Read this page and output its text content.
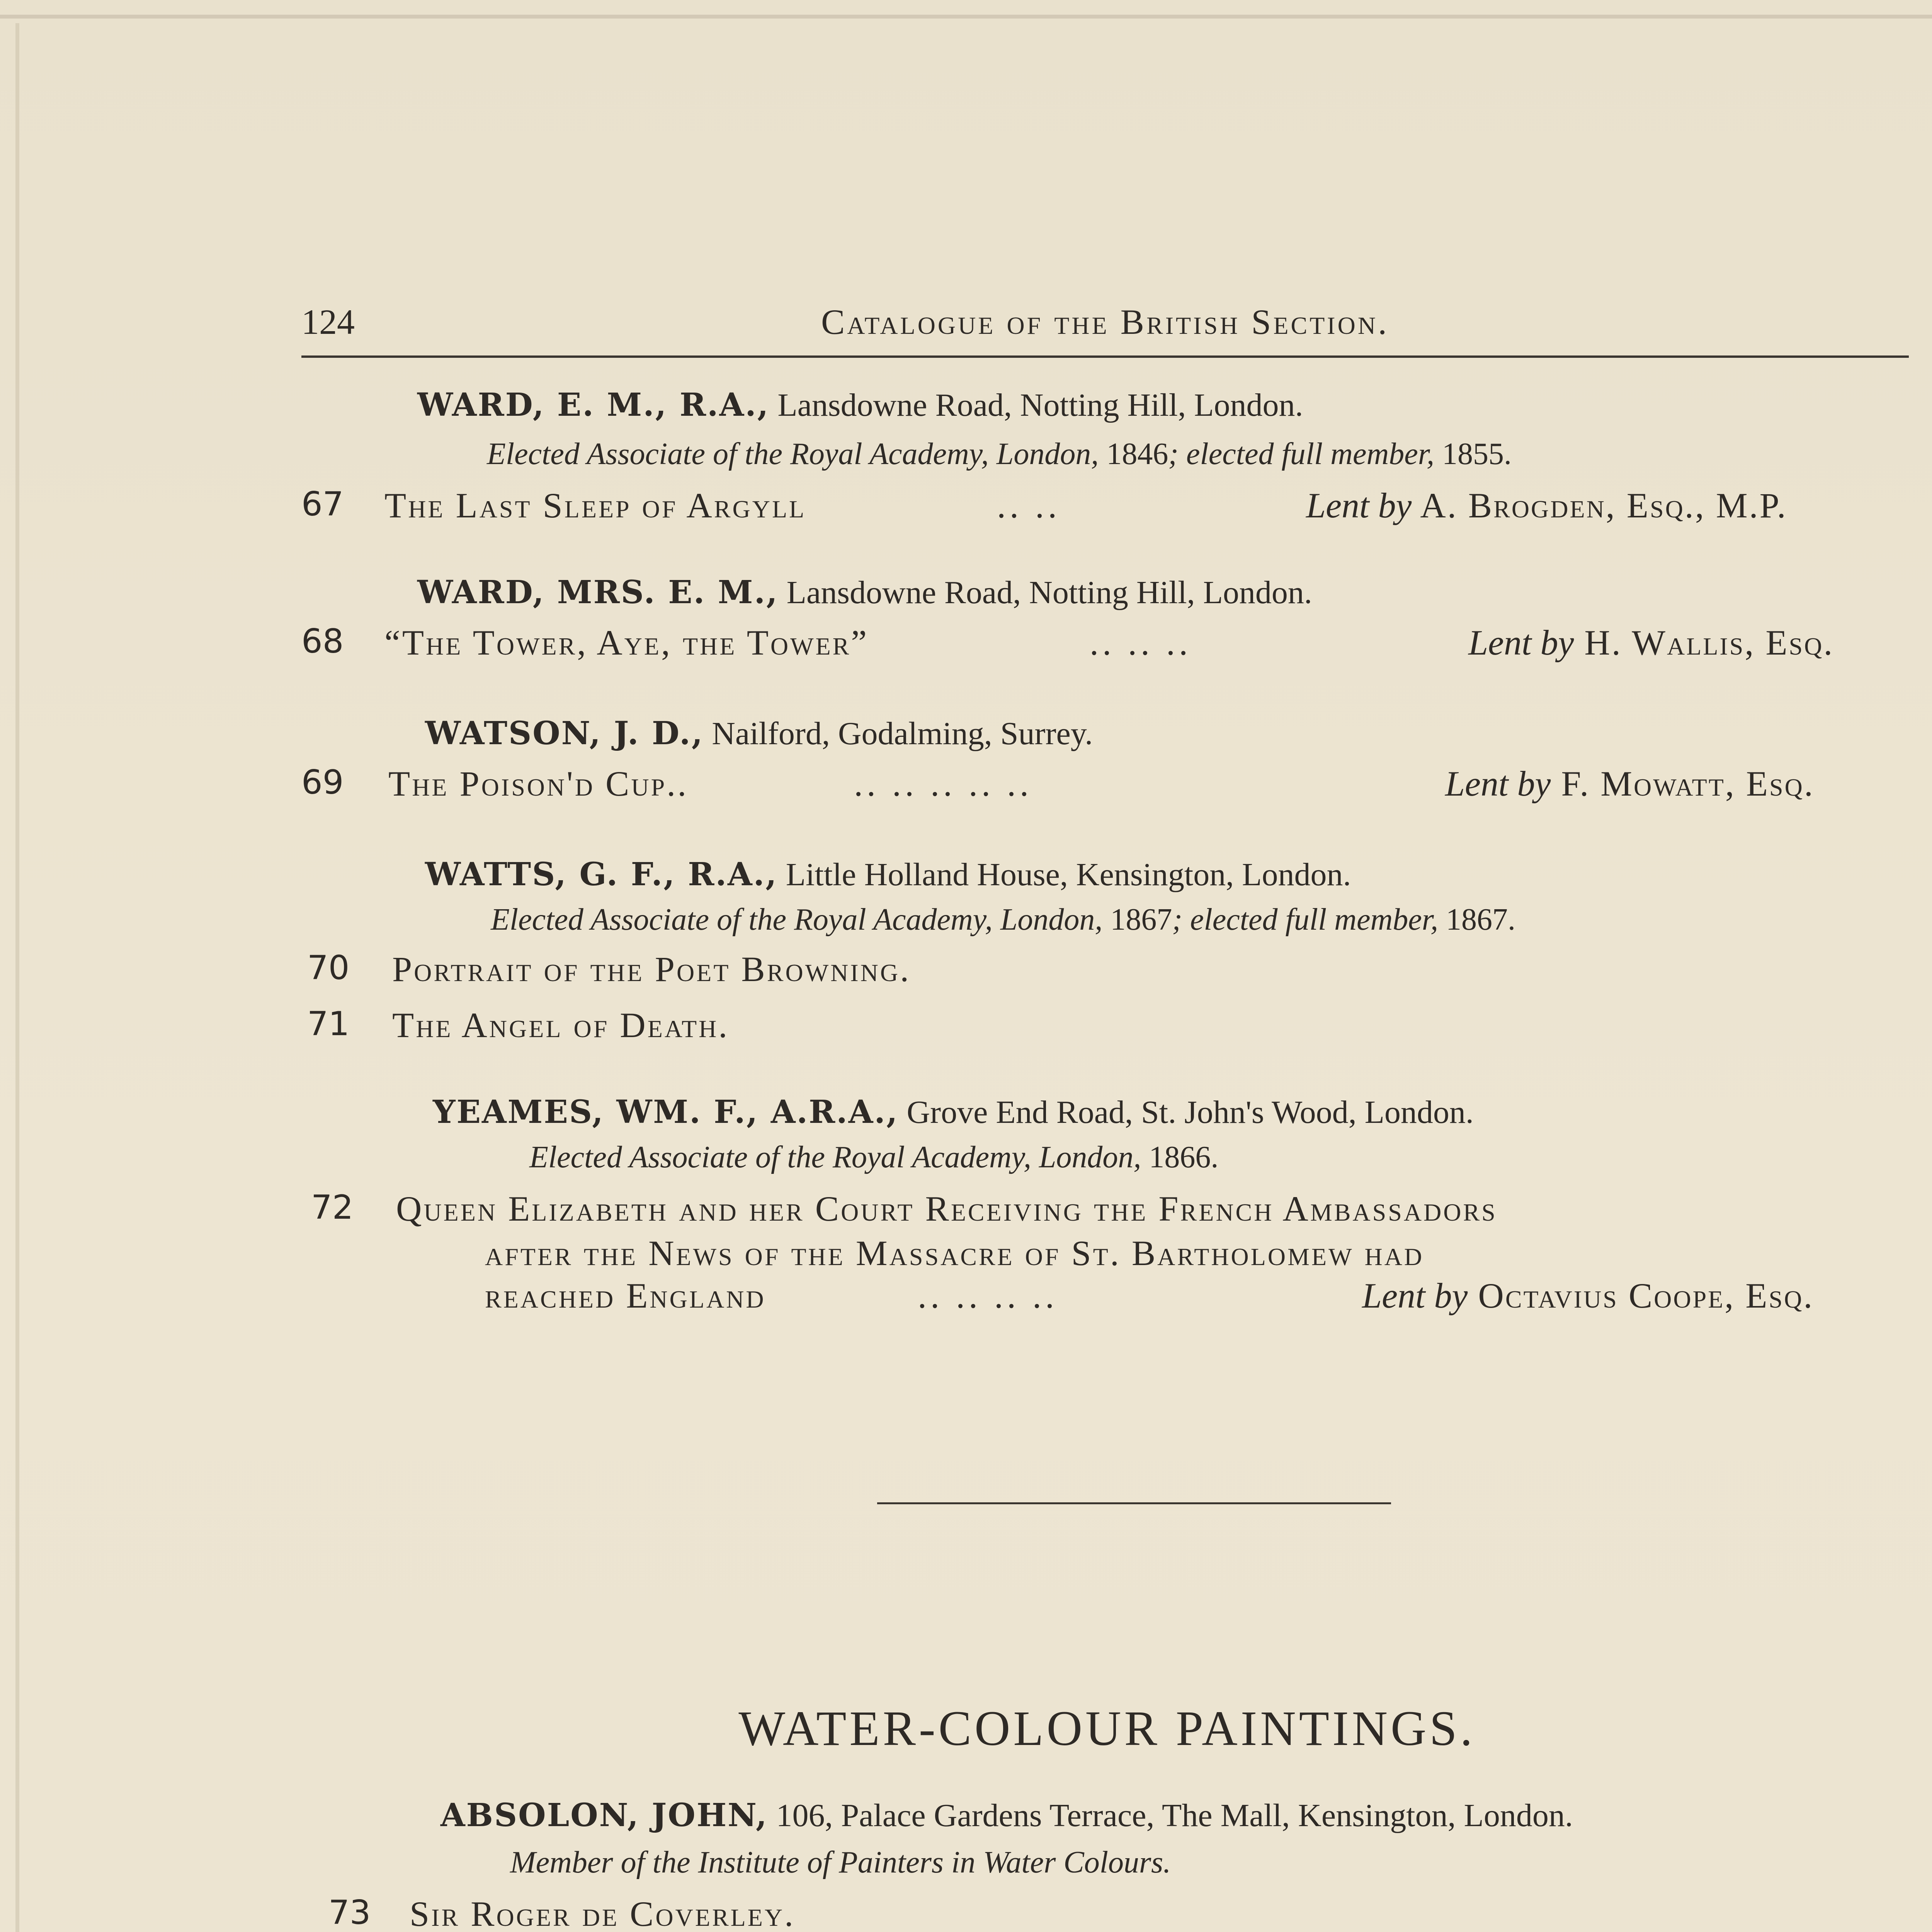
124	Catalogue of the British Section.
WARD, E. M., R.A., Lansdowne Road, Notting Hill, London.
Elected Associate of the Royal Academy, London, 1846; elected full member, 1855.
67 The Last Sleep of Argyll	.. ..	Lent by A. Brogden, Esq., M.P.
WARD, MRS. E. M., Lansdowne Road, Notting Hill, London.
68 “The Tower, Aye, the Tower”	.. .. ..	Lent by H. Wallis, Esq.
WATSON, J. D., Nailford, Godalming, Surrey.
69 The Poison'd Cup..	.. .. .. .. ..	Lent by F. Mowatt, Esq.
WATTS, G. F., R.A., Little Holland House, Kensington, London.
Elected Associate of the Royal Academy, London, 1867; elected full member, 1867.
70 Portrait of the Poet Browning.
71 The Angel of Death.
YEAMES, WM. F., A.R.A., Grove End Road, St. John's Wood, London.
Elected Associate of the Royal Academy, London, 1866.
72 Queen Elizabeth and her Court Receiving the French Ambassadors
after the News of the Massacre of St. Bartholomew had
reached England	.. .. .. ..	Lent by Octavius Coope, Esq.
WATER-COLOUR PAINTINGS.
ABSOLON, JOHN, 106, Palace Gardens Terrace, The Mall, Kensington, London.
Member of the Institute of Painters in Water Colours.
73 Sir Roger de Coverley.
